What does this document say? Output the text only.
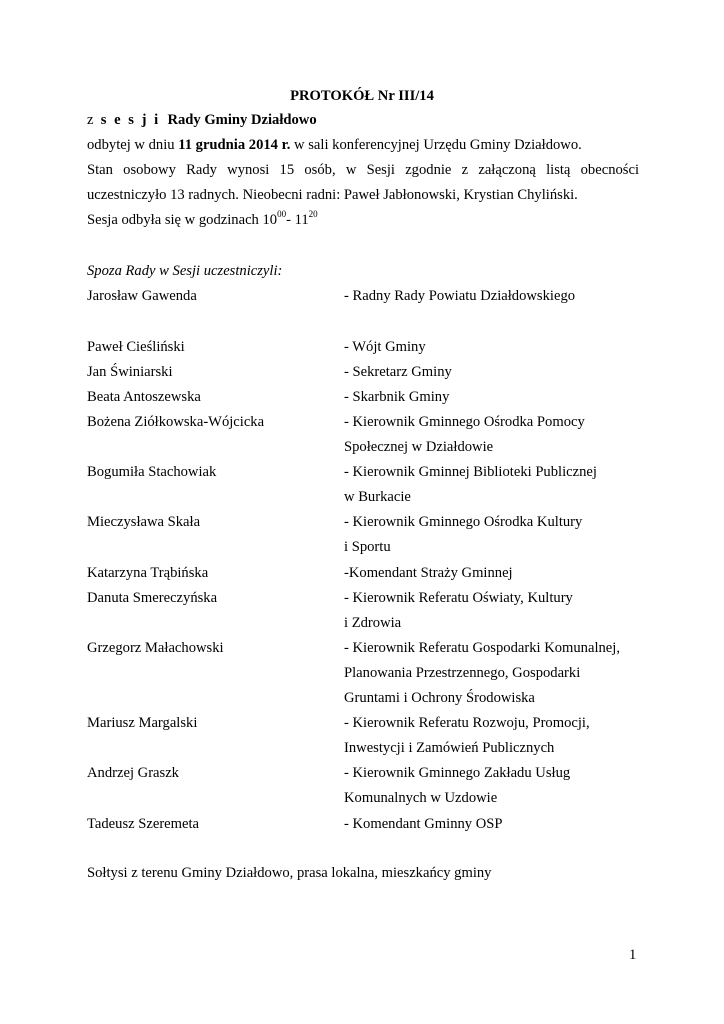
PROTOKÓŁ Nr III/14
z s e s j i Rady Gminy Działdowo
odbytej w dniu 11 grudnia 2014 r. w sali konferencyjnej Urzędu Gminy Działdowo.
Stan osobowy Rady wynosi 15 osób, w Sesji zgodnie z załączoną listą obecności
uczestniczyło 13 radnych. Nieobecni radni: Paweł Jabłonowski, Krystian Chyliński.
Sesja odbyła się w godzinach $10^{00}-$ $11^{20}$
Spoza Rady w Sesji uczestniczyli:
Jarosław Gawenda	- Radny Rady Powiatu Działdowskiego
Paweł Cieśliński	- Wójt Gminy
Jan Świniarski	- Sekretarz Gminy
Beata Antoszewska	- Skarbnik Gminy
Bożena Ziółkowska-Wójcicka	- Kierownik Gminnego Ośrodka Pomocy
Społecznej w Działdowie
Bogumiła Stachowiak	- Kierownik Gminnej Biblioteki Publicznej
w Burkacie
Mieczysława Skała	- Kierownik Gminnego Ośrodka Kultury
i Sportu
Katarzyna Trąbińska	-Komendant Straży Gminnej
Danuta Smereczyńska	- Kierownik Referatu Oświaty, Kultury
i Zdrowia
Grzegorz Małachowski	- Kierownik Referatu Gospodarki Komunalnej,
Planowania Przestrzennego, Gospodarki
Gruntami i Ochrony Środowiska
Mariusz Margalski	- Kierownik Referatu Rozwoju, Promocji,
Inwestycji i Zamówień Publicznych
Andrzej Graszk	- Kierownik Gminnego Zakładu Usług
Komunalnych w Uzdowie
Tadeusz Szeremeta	- Komendant Gminny OSP
Sołtysi z terenu Gminy Działdowo, prasa lokalna, mieszkańcy gminy
1
